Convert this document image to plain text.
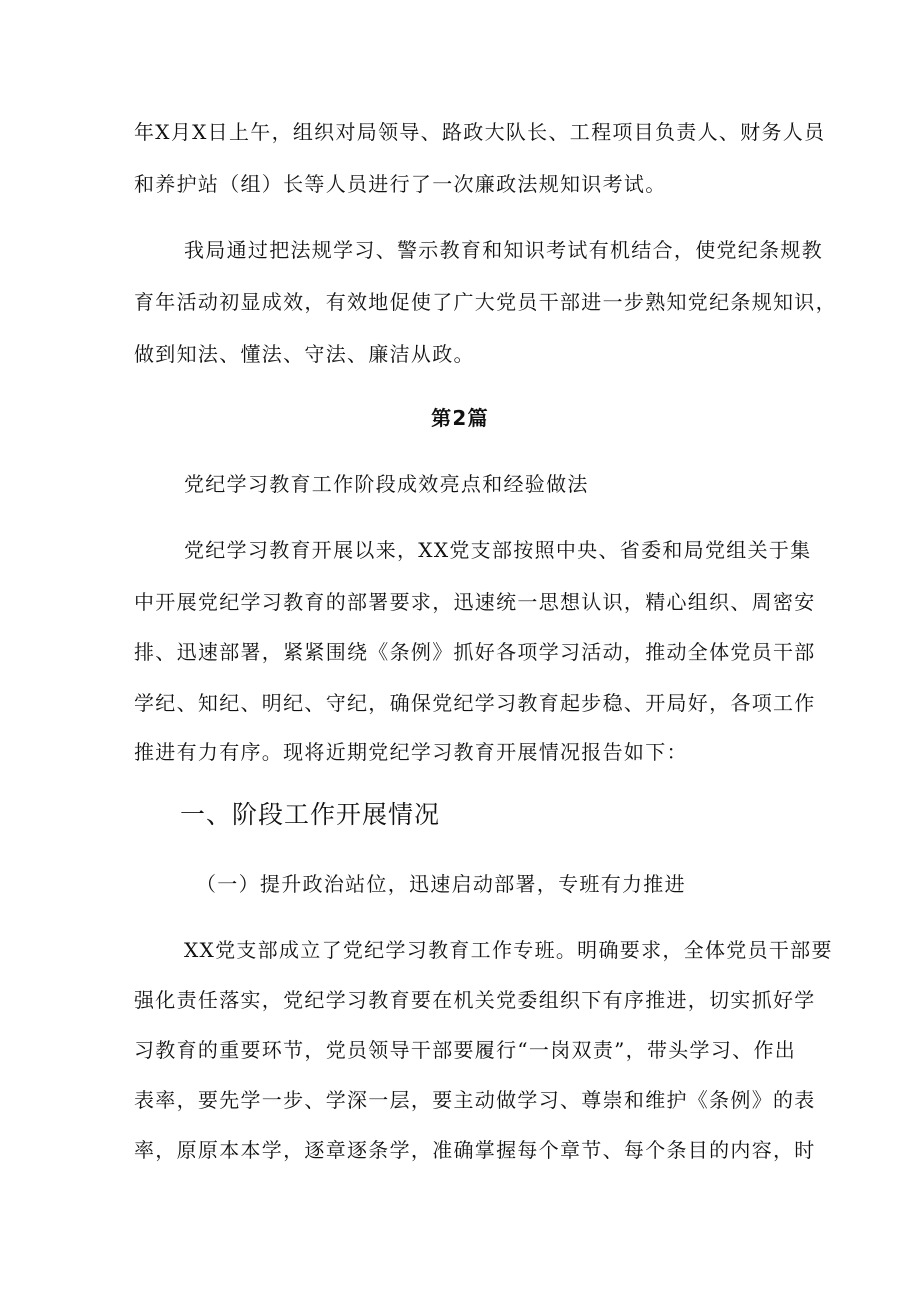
年X月X日上午，组织对局领导、路政大队长、工程项目负责人、财务人员
和养护站（组）长等人员进行了一次廉政法规知识考试。
我局通过把法规学习、警示教育和知识考试有机结合，使党纪条规教
育年活动初显成效，有效地促使了广大党员干部进一步熟知党纪条规知识，
做到知法、懂法、守法、廉洁从政。
第2篇
党纪学习教育工作阶段成效亮点和经验做法
党纪学习教育开展以来，XX党支部按照中央、省委和局党组关于集
中开展党纪学习教育的部署要求，迅速统一思想认识，精心组织、周密安
排、迅速部署，紧紧围绕《条例》抓好各项学习活动，推动全体党员干部
学纪、知纪、明纪、守纪，确保党纪学习教育起步稳、开局好，各项工作
推进有力有序。现将近期党纪学习教育开展情况报告如下：
一、阶段工作开展情况
（一）提升政治站位，迅速启动部署，专班有力推进
XX党支部成立了党纪学习教育工作专班。明确要求，全体党员干部要
强化责任落实，党纪学习教育要在机关党委组织下有序推进，切实抓好学
习教育的重要环节，党员领导干部要履行“一岗双责”，带头学习、作出
表率，要先学一步、学深一层，要主动做学习、尊崇和维护《条例》的表
率，原原本本学，逐章逐条学，准确掌握每个章节、每个条目的内容，时
